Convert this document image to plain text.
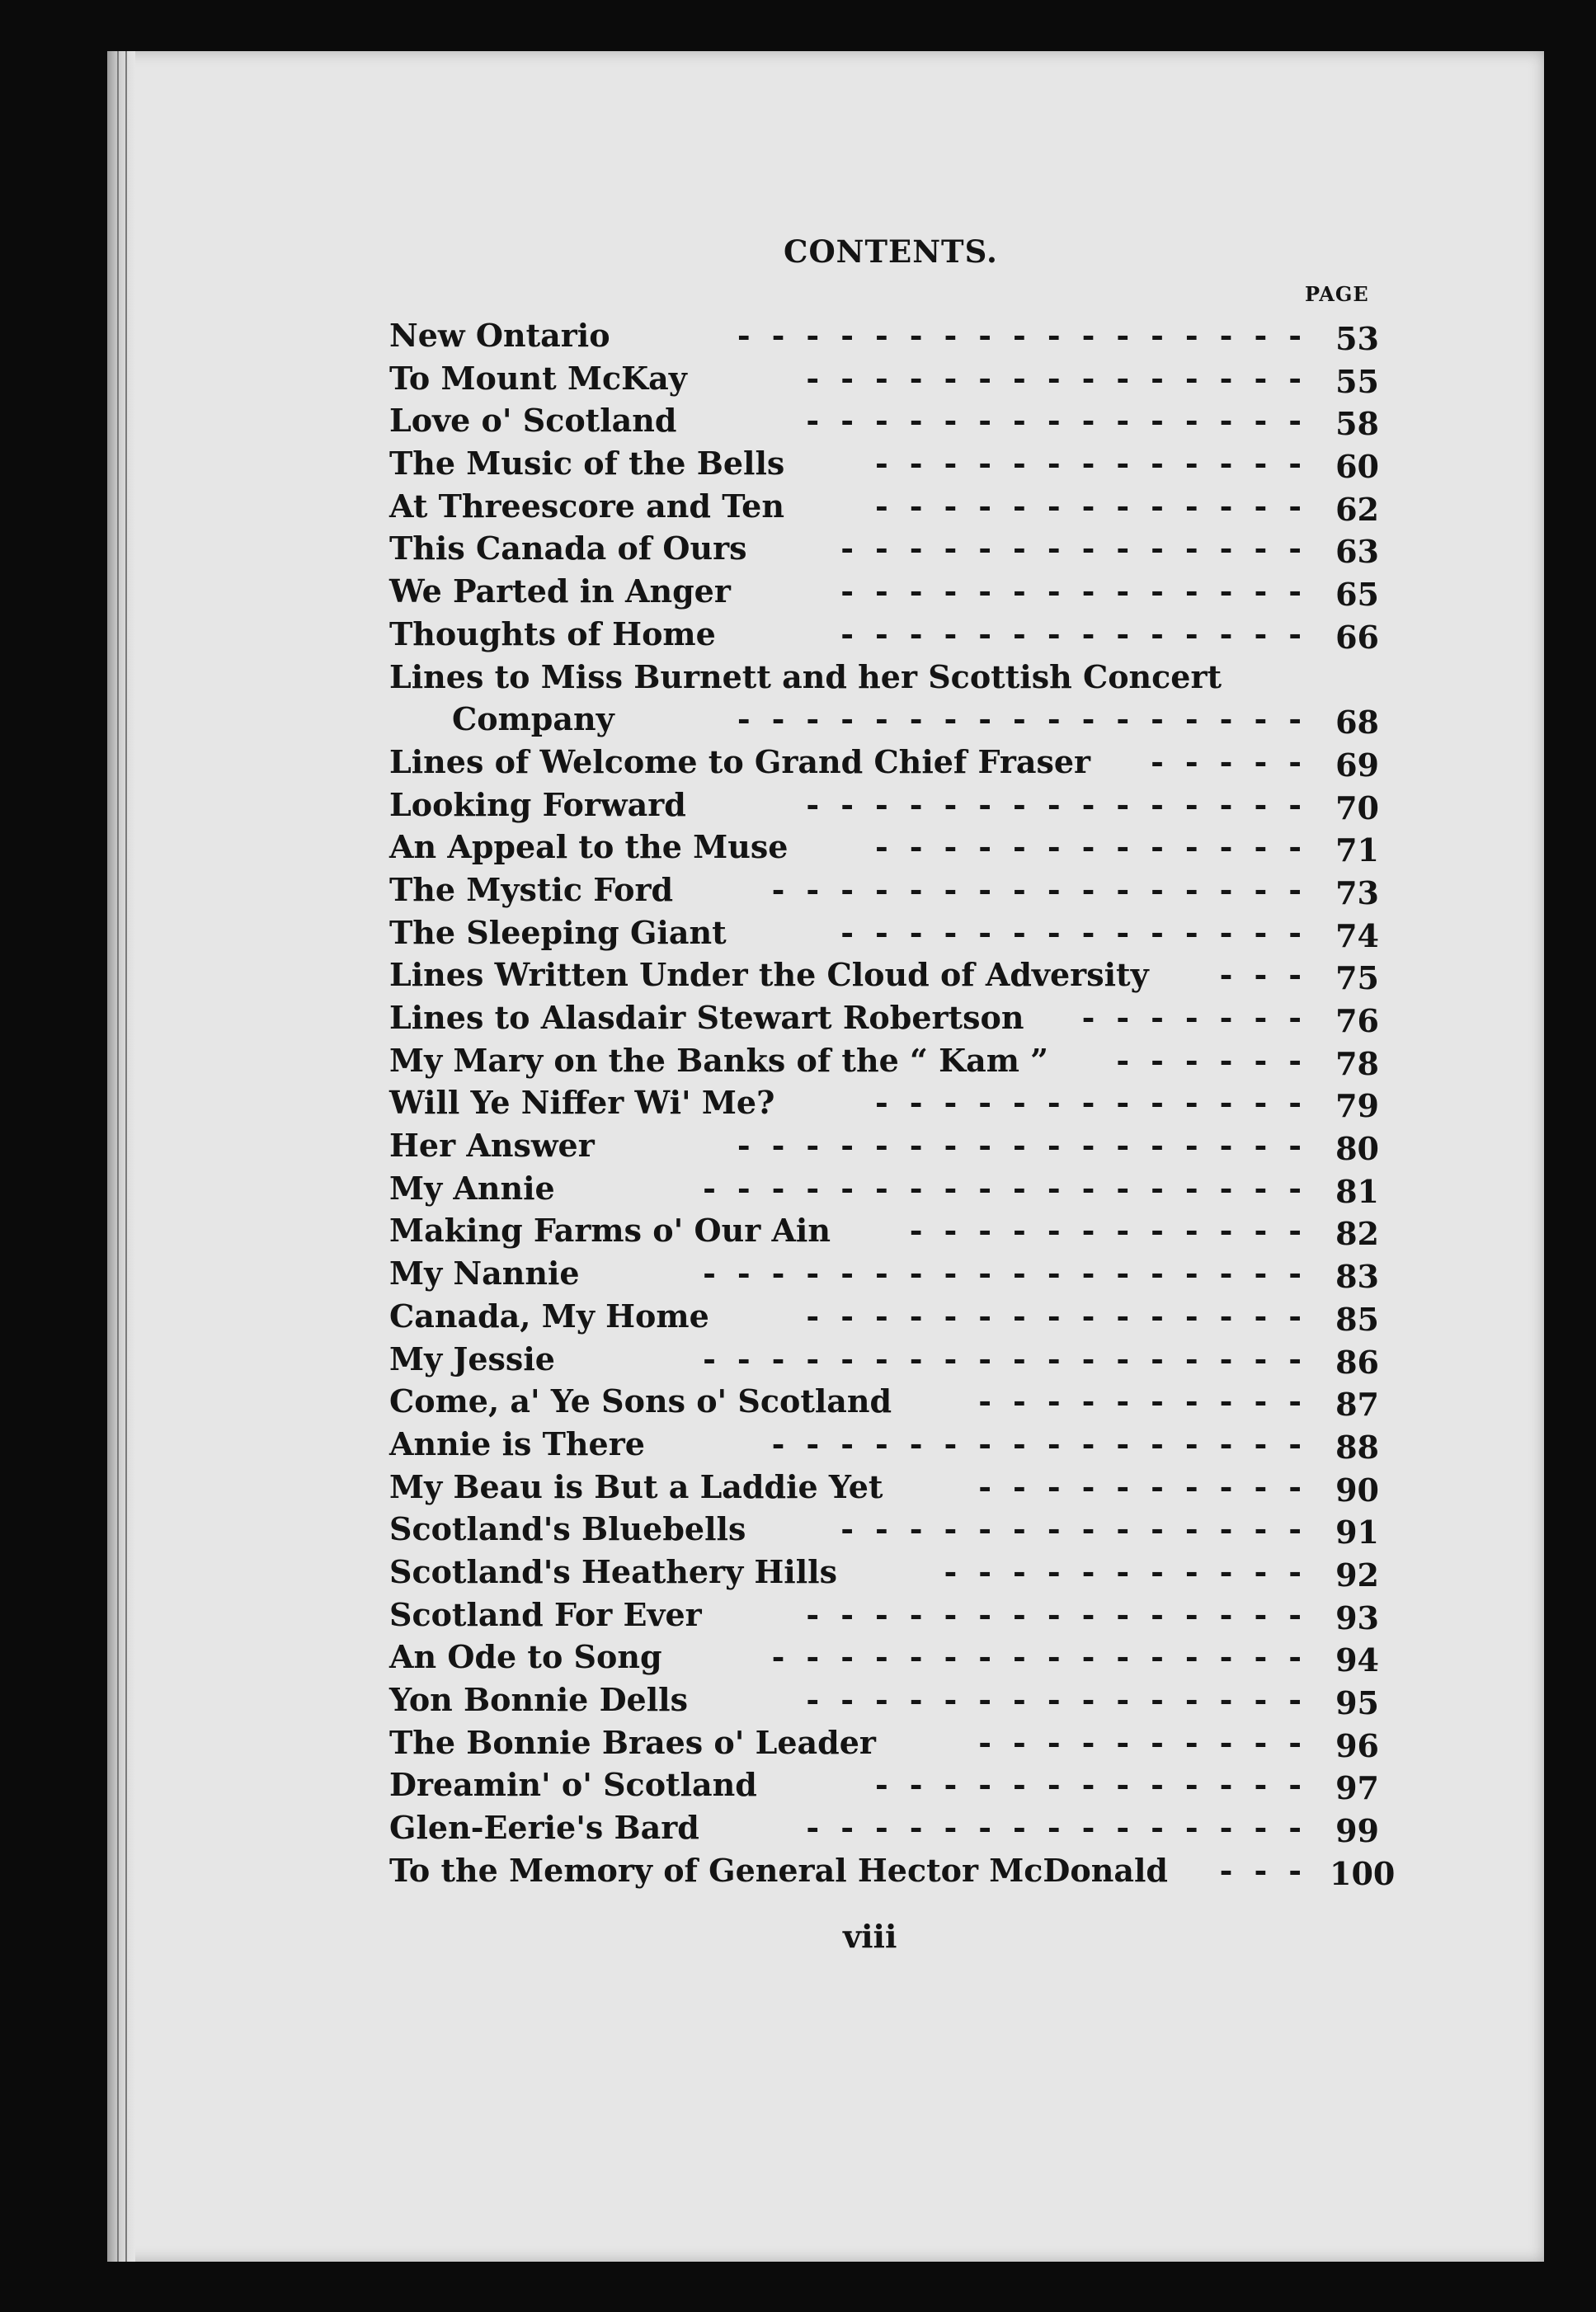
CONTENTS.
PAGE
New Ontario	53
-----------------
To Mount McKay	55
---------------
Love o' Scotland	58
---------------
The Music of the Bells	60
-------------
At Threescore and Ten	62
-------------
This Canada of Ours	63
--------------
We Parted in Anger	65
--------------
Thoughts of Home	66
--------------
Lines to Miss Burnett and her Scottish Concert
Company	68
-----------------
Lines of Welcome to Grand Chief Fraser	69
-----
Looking Forward	70
---------------
An Appeal to the Muse	71
-------------
The Mystic Ford	73
----------------
The Sleeping Giant	74
--------------
Lines Written Under the Cloud of Adversity	75
---
Lines to Alasdair Stewart Robertson	76
-------
My Mary on the Banks of the “ Kam ”	78
------
Will Ye Niffer Wi' Me?	79
-------------
Her Answer	80
-----------------
My Annie	81
------------------
Making Farms o' Our Ain	82
------------
My Nannie	83
------------------
Canada, My Home	85
---------------
My Jessie	86
------------------
Come, a' Ye Sons o' Scotland	87
----------
Annie is There	88
----------------
My Beau is But a Laddie Yet	90
----------
Scotland's Bluebells	91
--------------
Scotland's Heathery Hills	92
-----------
Scotland For Ever	93
---------------
An Ode to Song	94
----------------
Yon Bonnie Dells	95
---------------
The Bonnie Braes o' Leader	96
----------
Dreamin' o' Scotland	97
-------------
Glen-Eerie's Bard	99
---------------
To the Memory of General Hector McDonald	100
---
viii
